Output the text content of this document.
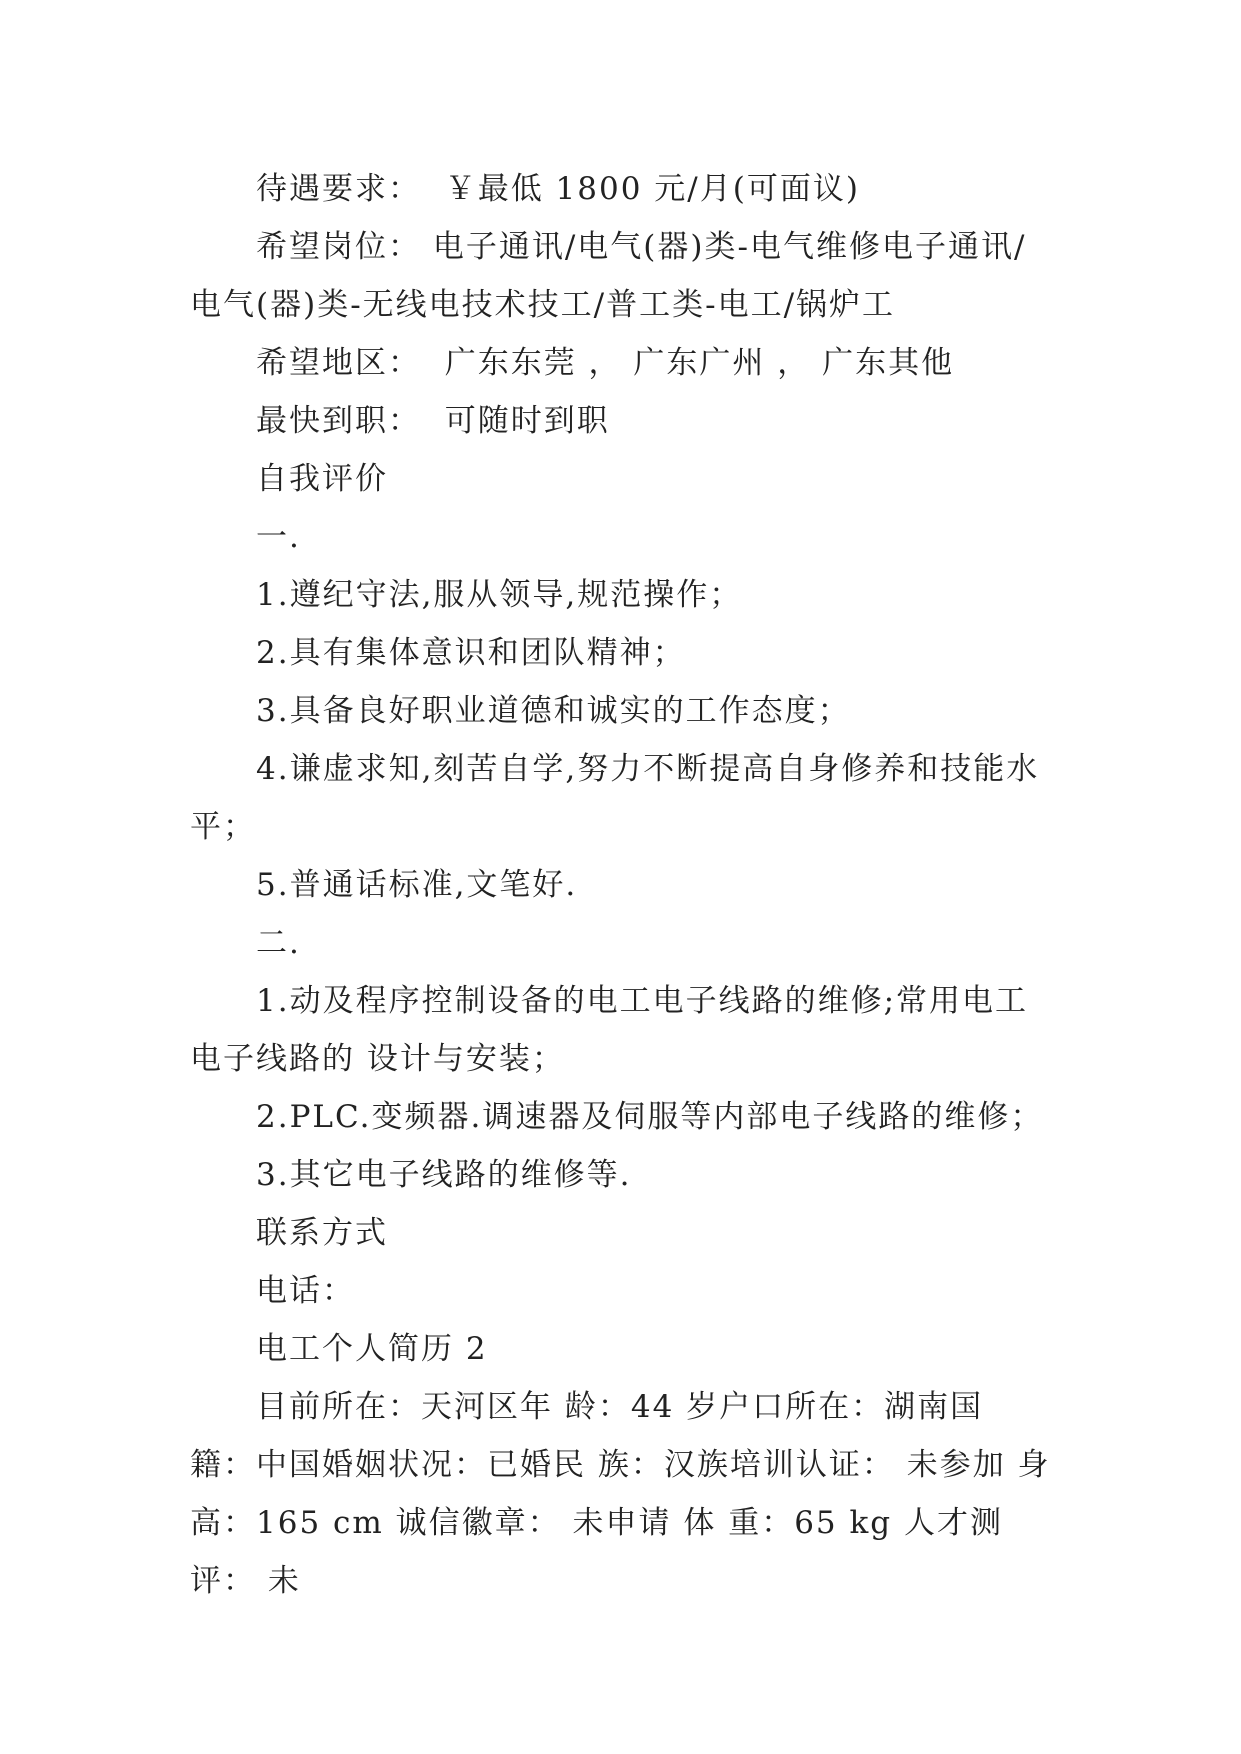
待遇要求：  ￥最低 1800 元/月(可面议)
希望岗位： 电子通讯/电气(器)类-电气维修电子通讯/电气(器)类-无线电技术技工/普工类-电工/锅炉工
希望地区：  广东东莞 ， 广东广州 ， 广东其他
最快到职：  可随时到职
自我评价
一.
1.遵纪守法,服从领导,规范操作；
2.具有集体意识和团队精神；
3.具备良好职业道德和诚实的工作态度；
4.谦虚求知,刻苦自学,努力不断提高自身修养和技能水平；
5.普通话标准,文笔好.
二.
1.动及程序控制设备的电工电子线路的维修;常用电工电子线路的 设计与安装；
2.PLC.变频器.调速器及伺服等内部电子线路的维修；
3.其它电子线路的维修等.
联系方式
电话：
电工个人简历 2
目前所在：天河区年 龄：44 岁户口所在：湖南国 籍：中国婚姻状况：已婚民 族：汉族培训认证： 未参加 身 高：165 cm 诚信徽章： 未申请 体 重：65 kg 人才测评： 未
